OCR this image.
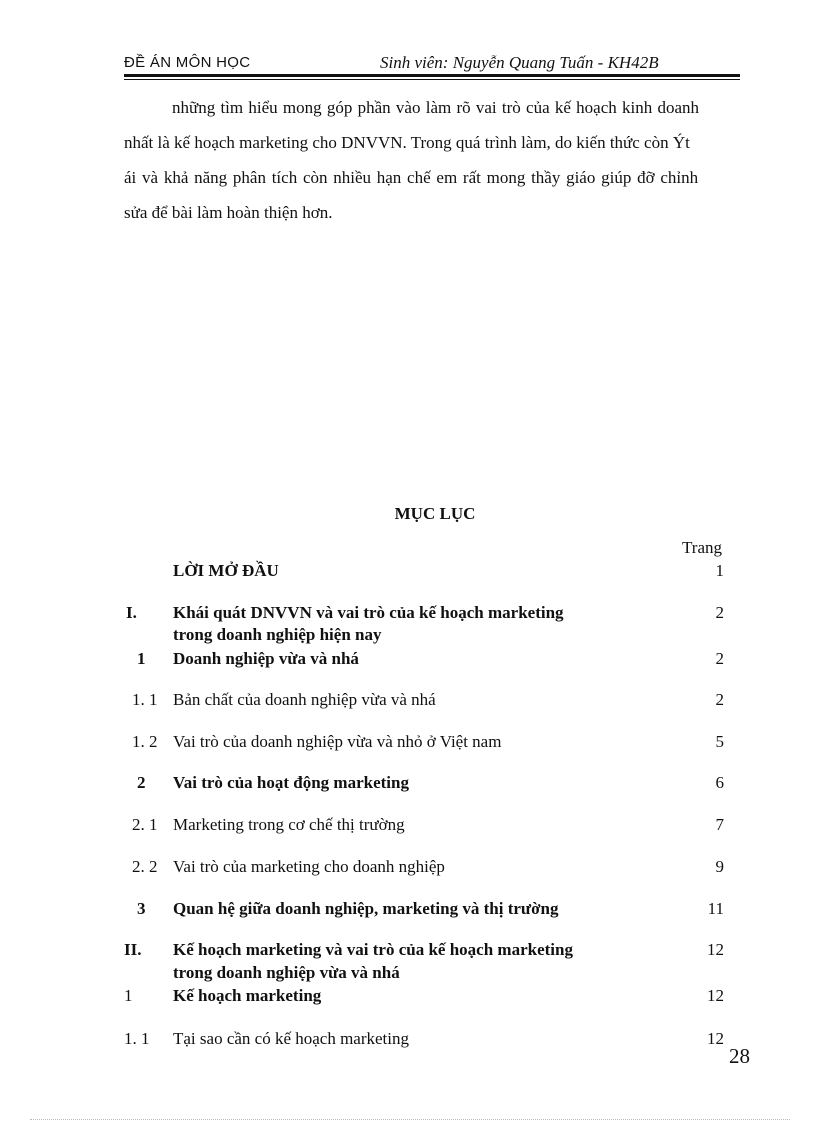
ĐỀ ÁN MÔN HỌC	Sinh viên: Nguyễn Quang Tuấn - KH42B
những tìm hiểu mong góp phần vào làm rõ vai trò của kế hoạch kinh doanh
nhất là kế hoạch marketing cho DNVVN. Trong quá trình làm, do kiến thức còn Ýt
ái và khả năng phân tích còn nhiều hạn chế em rất mong thầy giáo giúp đỡ chỉnh
sửa để bài làm hoàn thiện hơn.
MỤC LỤC
Trang
LỜI MỞ ĐẦU	1
I. Khái quát DNVVN và vai trò của kế hoạch marketing	2
trong doanh nghiệp hiện nay
1 Doanh nghiệp vừa và nhá	2
1. 1 Bản chất của doanh nghiệp vừa và nhá	2
1. 2 Vai trò của doanh nghiệp vừa và nhỏ ở Việt nam	5
2 Vai trò của hoạt động marketing	6
2. 1 Marketing trong cơ chế thị trường	7
2. 2 Vai trò của marketing cho doanh nghiệp	9
3 Quan hệ giữa doanh nghiệp, marketing và thị trường	11
II. Kế hoạch marketing và vai trò của kế hoạch marketing	12
trong doanh nghiệp vừa và nhá
1 Kế hoạch marketing	12
1. 1 Tại sao cần có kế hoạch marketing	12
28
